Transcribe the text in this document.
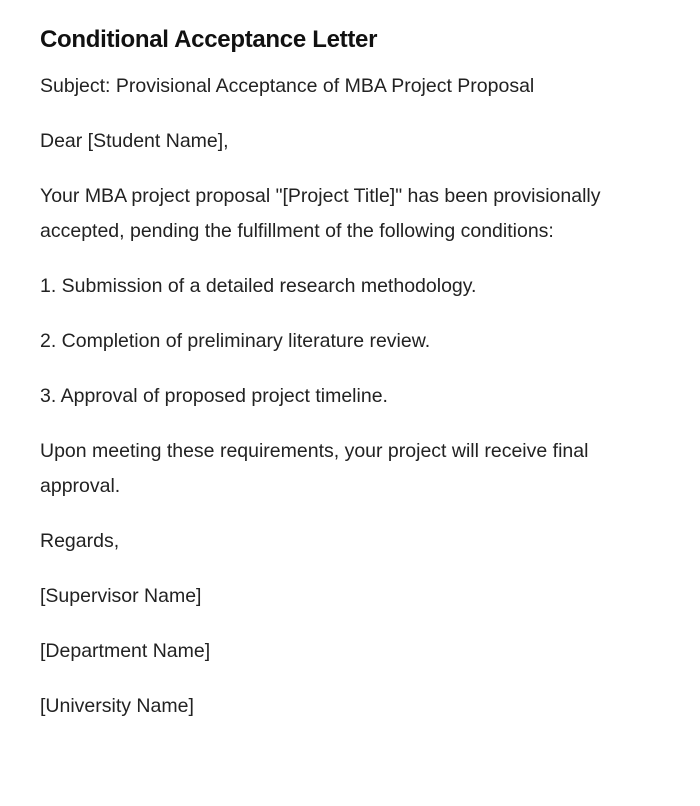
Conditional Acceptance Letter

Subject: Provisional Acceptance of MBA Project Proposal

Dear [Student Name],

Your MBA project proposal "[Project Title]" has been provisionally accepted, pending the fulfillment of the following conditions:

1. Submission of a detailed research methodology.

2. Completion of preliminary literature review.

3. Approval of proposed project timeline.

Upon meeting these requirements, your project will receive final approval.

Regards,

[Supervisor Name]

[Department Name]

[University Name]
